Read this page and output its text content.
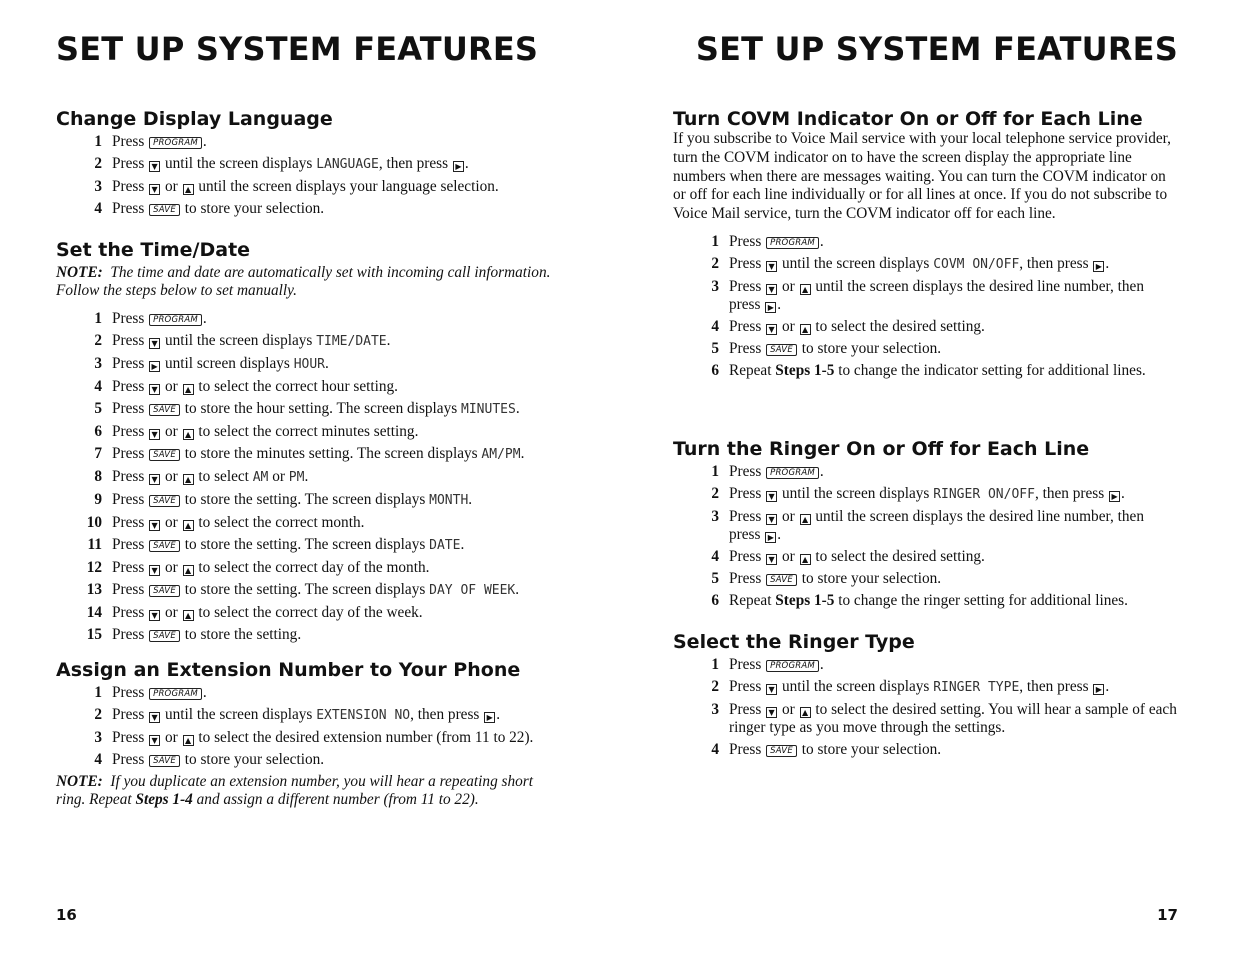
SET UP SYSTEM FEATURES
Change Display Language
1 Press PROGRAM .
2 Press ▼ until the screen displays LANGUAGE, then press ▶ .
3 Press ▼ or ▲ until the screen displays your language selection.
4 Press SAVE to store your selection.
Set the Time/Date

NOTE: The time and date are automatically set with incoming call information. Follow the steps below to set manually.

1 Press PROGRAM .
2 Press ▼ until the screen displays TIME/DATE.
3 Press ▶ until screen displays HOUR.
4 Press ▼ or ▲ to select the correct hour setting.
5 Press SAVE to store the hour setting. The screen displays MINUTES.
6 Press ▼ or ▲ to select the correct minutes setting.
7 Press SAVE to store the minutes setting. The screen displays AM/PM.
8 Press ▼ or ▲ to select AM or PM.
9 Press SAVE to store the setting. The screen displays MONTH.
10 Press ▼ or ▲ to select the correct month.
11 Press SAVE to store the setting. The screen displays DATE.
12 Press ▼ or ▲ to select the correct day of the month.
13 Press SAVE to store the setting. The screen displays DAY OF WEEK.
14 Press ▼ or ▲ to select the correct day of the week.
15 Press SAVE to store the setting.
Assign an Extension Number to Your Phone
1 Press PROGRAM .
2 Press ▼ until the screen displays EXTENSION NO, then press ▶ .
3 Press ▼ or ▲ to select the desired extension number (from 11 to 22).
4 Press SAVE to store your selection.

NOTE: If you duplicate an extension number, you will hear a repeating short ring. Repeat Steps 1-4 and assign a different number (from 11 to 22).

16
SET UP SYSTEM FEATURES
Turn COVM Indicator On or Off for Each Line

If you subscribe to Voice Mail service with your local telephone service provider, turn the COVM indicator on to have the screen display the appropriate line numbers when there are messages waiting. You can turn the COVM indicator on or off for each line individually or for all lines at once. If you do not subscribe to Voice Mail service, turn the COVM indicator off for each line.

1 Press PROGRAM .
2 Press ▼ until the screen displays COVM ON/OFF, then press ▶ .
3 Press ▼ or ▲ until the screen displays the desired line number, then press ▶ .
4 Press ▼ or ▲ to select the desired setting.
5 Press SAVE to store your selection.
6 Repeat Steps 1-5 to change the indicator setting for additional lines.
Turn the Ringer On or Off for Each Line
1 Press PROGRAM .
2 Press ▼ until the screen displays RINGER ON/OFF, then press ▶ .
3 Press ▼ or ▲ until the screen displays the desired line number, then press ▶ .
4 Press ▼ or ▲ to select the desired setting.
5 Press SAVE to store your selection.
6 Repeat Steps 1-5 to change the ringer setting for additional lines.
Select the Ringer Type
1 Press PROGRAM .
2 Press ▼ until the screen displays RINGER TYPE, then press ▶ .
3 Press ▼ or ▲ to select the desired setting. You will hear a sample of each ringer type as you move through the settings.
4 Press SAVE to store your selection.
17
